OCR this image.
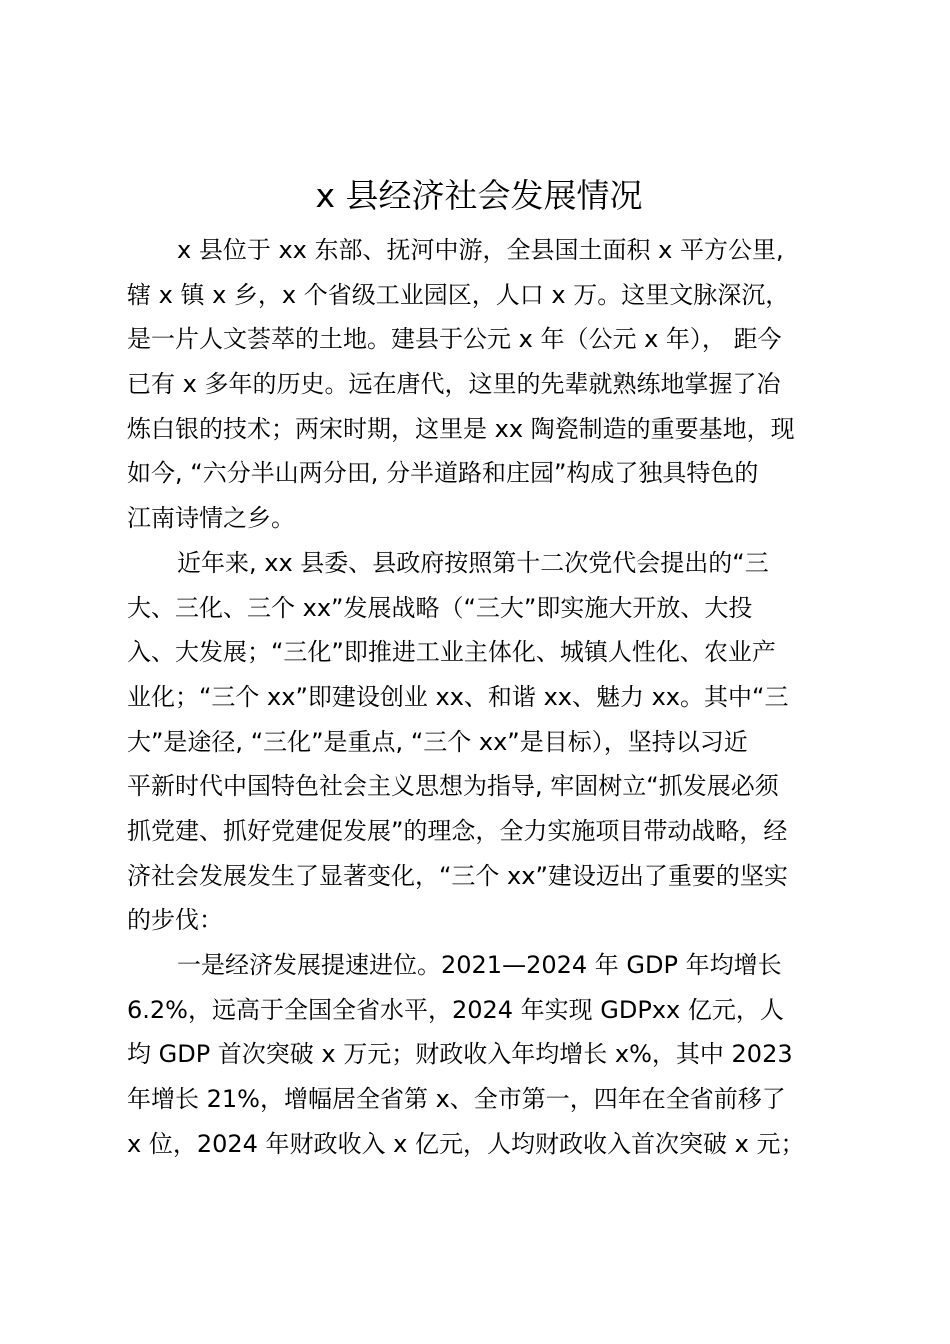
x 县经济社会发展情况
x 县位于 xx 东部、抚河中游，全县国土面积 x 平方公里,
辖 x 镇 x 乡，x 个省级工业园区，人口 x 万。这里文脉深沉，
是一片人文荟萃的土地。建县于公元 x 年（公元 x 年）， 距今
已有 x 多年的历史。远在唐代，这里的先辈就熟练地掌握了冶
炼白银的技术；两宋时期，这里是 xx 陶瓷制造的重要基地，现
如今, “六分半山两分田, 分半道路和庄园”构成了独具特色的
江南诗情之乡。
近年来, xx 县委、县政府按照第十二次党代会提出的“三
大、三化、三个 xx”发展战略（“三大”即实施大开放、大投
入、大发展；“三化”即推进工业主体化、城镇人性化、农业产
业化；“三个 xx”即建设创业 xx、和谐 xx、魅力 xx。其中“三
大”是途径, “三化”是重点, “三个 xx”是目标），坚持以习近
平新时代中国特色社会主义思想为指导, 牢固树立“抓发展必须
抓党建、抓好党建促发展”的理念，全力实施项目带动战略，经
济社会发展发生了显著变化，“三个 xx”建设迈出了重要的坚实
的步伐：
一是经济发展提速进位。2021—2024 年 GDP 年均增长
6.2%，远高于全国全省水平，2024 年实现 GDPxx 亿元，人
均 GDP 首次突破 x 万元；财政收入年均增长 x%，其中 2023
年增长 21%，增幅居全省第 x、全市第一，四年在全省前移了
x 位，2024 年财政收入 x 亿元，人均财政收入首次突破 x 元；
